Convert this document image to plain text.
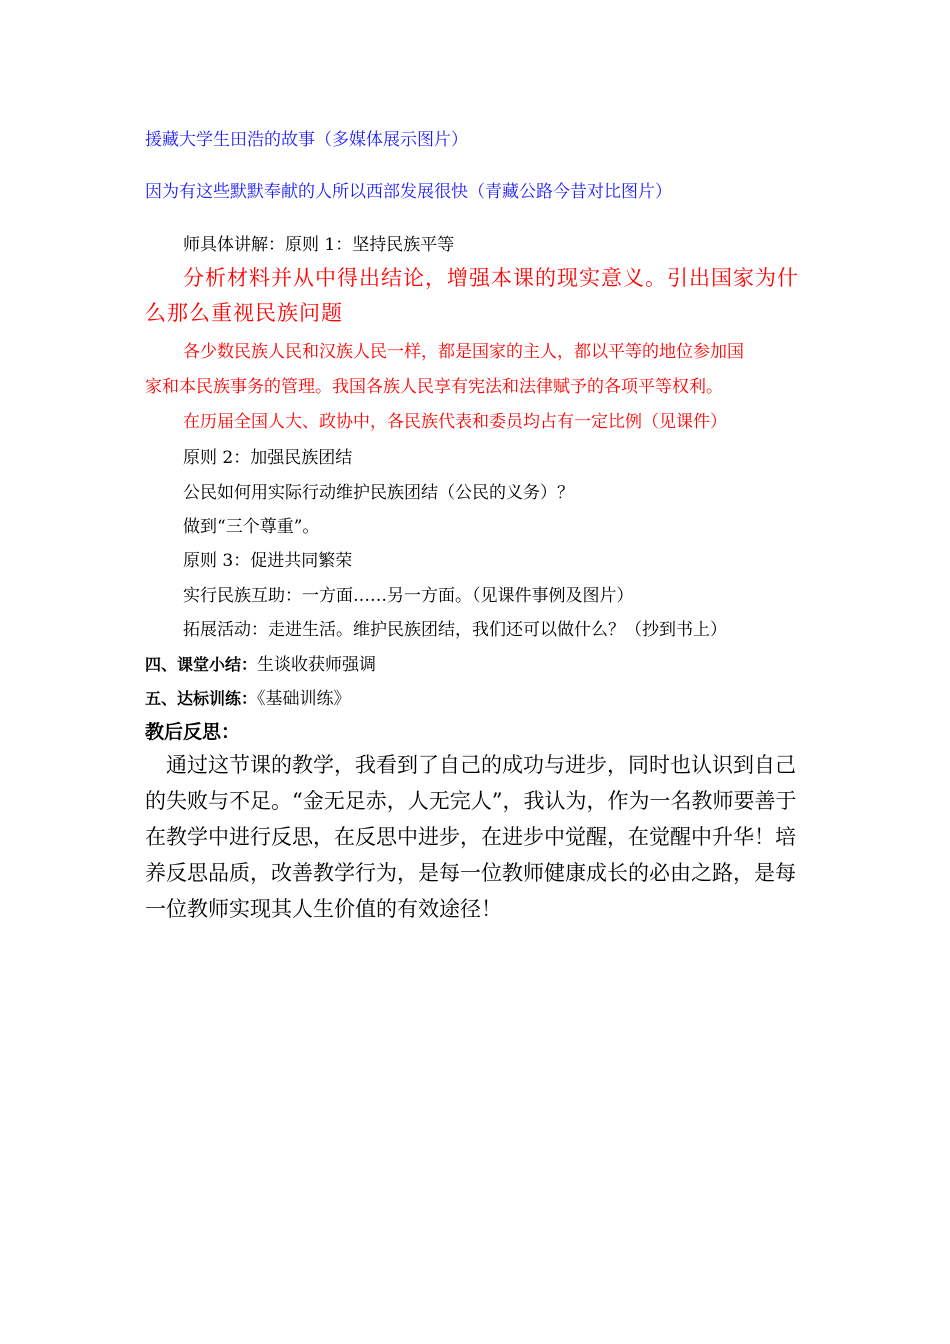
援藏大学生田浩的故事（多媒体展示图片）
因为有这些默默奉献的人所以西部发展很快（青藏公路今昔对比图片）
师具体讲解：原则 1：坚持民族平等
分析材料并从中得出结论，增强本课的现实意义。引出国家为什
么那么重视民族问题
各少数民族人民和汉族人民一样，都是国家的主人，都以平等的地位参加国
家和本民族事务的管理。我国各族人民享有宪法和法律赋予的各项平等权利。
在历届全国人大、政协中，各民族代表和委员均占有一定比例（见课件）
原则 2：加强民族团结
公民如何用实际行动维护民族团结（公民的义务）？
做到“三个尊重”。
原则 3：促进共同繁荣
实行民族互助：一方面……另一方面。（见课件事例及图片）
拓展活动：走进生活。维护民族团结，我们还可以做什么？（抄到书上）
四、课堂小结：生谈收获师强调
五、达标训练：《基础训练》
教后反思：
通过这节课的教学，我看到了自己的成功与进步，同时也认识到自己的失败与不足。“金无足赤，人无完人”，我认为，作为一名教师要善于在教学中进行反思，在反思中进步，在进步中觉醒，在觉醒中升华！培养反思品质，改善教学行为，是每一位教师健康成长的必由之路，是每一位教师实现其人生价值的有效途径！
